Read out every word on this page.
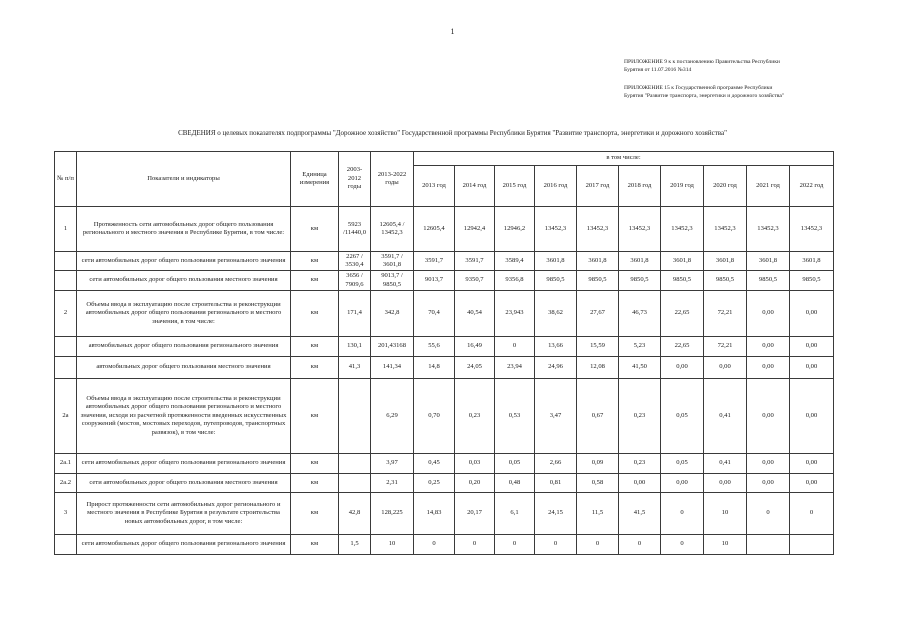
1
ПРИЛОЖЕНИЕ 9 к к постановлению Правительства Республики
Бурятия от 11.07.2016 №314
ПРИЛОЖЕНИЕ 15 к Государственной программе Республики
Бурятия "Развитие транспорта, энергетики и дорожного хозяйства"
СВЕДЕНИЯ о целевых показателях подпрограммы "Дорожное хозяйство" Государственной программы Республики Бурятия "Развитие транспорта, энергетики и дорожного хозяйства"
№ п/п	Показатели и индикаторы	Единица измерения	2003-2012 годы	2013-2022 годы	в том числе:									
					2013 год	2014 год	2015 год	2016 год	2017 год	2018 год	2019 год	2020 год	2021 год	2022 год
1	Протяженность сети автомобильных дорог общего пользования регионального и местного значения в Республике Бурятия, в том числе:	км	5923 /11440,0	12605,4 / 13452,3	12605,4	12942,4	12946,2	13452,3	13452,3	13452,3	13452,3	13452,3	13452,3	13452,3
	сети автомобильных дорог общего пользования регионального значения	км	2267 / 3530,4	3591,7 / 3601,8	3591,7	3591,7	3589,4	3601,8	3601,8	3601,8	3601,8	3601,8	3601,8	3601,8
	сети автомобильных дорог общего пользования местного значения	км	3656 / 7909,6	9013,7 / 9850,5	9013,7	9350,7	9356,8	9850,5	9850,5	9850,5	9850,5	9850,5	9850,5	9850,5
2	Объемы ввода в эксплуатацию после строительства и реконструкции автомобильных дорог общего пользования регионального и местного значения, в том числе:	км	171,4	342,8	70,4	40,54	23,943	38,62	27,67	46,73	22,65	72,21	0,00	0,00
	автомобильных дорог общего пользования регионального значения	км	130,1	201,43168	55,6	16,49	0	13,66	15,59	5,23	22,65	72,21	0,00	0,00
	автомобильных дорог общего пользования местного значения	км	41,3	141,34	14,8	24,05	23,94	24,96	12,08	41,50	0,00	0,00	0,00	0,00
2а	Объемы ввода в эксплуатацию после строительства и реконструкции автомобильных дорог общего пользования регионального и местного значения, исходя из расчетной протяженности введенных искусственных сооружений (мостов, мостовых переходов, путепроводов, транспортных развязок), в том числе:	км		6,29	0,70	0,23	0,53	3,47	0,67	0,23	0,05	0,41	0,00	0,00
2а.1	сети автомобильных дорог общего пользования регионального значения	км		3,97	0,45	0,03	0,05	2,66	0,09	0,23	0,05	0,41	0,00	0,00
2а.2	сети автомобильных дорог общего пользования местного значения	км		2,31	0,25	0,20	0,48	0,81	0,58	0,00	0,00	0,00	0,00	0,00
3	Прирост протяженности сети автомобильных дорог регионального и местного значения в Республике Бурятия в результате строительства новых автомобильных дорог, в том числе:	км	42,8	128,225	14,83	20,17	6,1	24,15	11,5	41,5	0	10	0	0
	сети автомобильных дорог общего пользования регионального значения	км	1,5	10	0	0	0	0	0	0	0	10		
